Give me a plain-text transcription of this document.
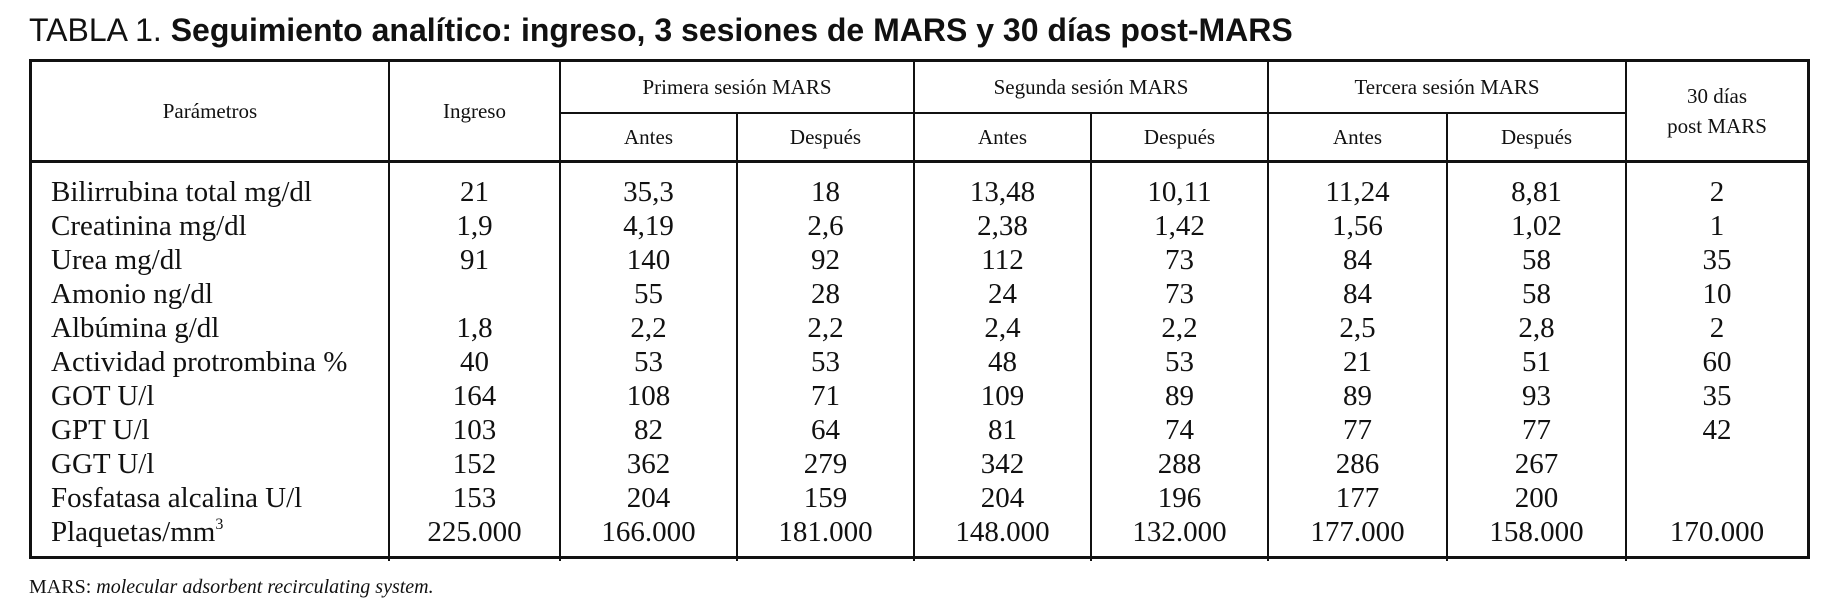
TABLA 1. Seguimiento analítico: ingreso, 3 sesiones de MARS y 30 días post-MARS
Parámetros	Ingreso	Primera sesión MARS		Segunda sesión MARS		Tercera sesión MARS		30 días
post MARS
		Antes	Después	Antes	Después	Antes	Después	
Bilirrubina total mg/dl	21	35,3	18	13,48	10,11	11,24	8,81	2
Creatinina mg/dl	1,9	4,19	2,6	2,38	1,42	1,56	1,02	1
Urea mg/dl	91	140	92	112	73	84	58	35
Amonio ng/dl		55	28	24	73	84	58	10
Albúmina g/dl	1,8	2,2	2,2	2,4	2,2	2,5	2,8	2
Actividad protrombina %	40	53	53	48	53	21	51	60
GOT U/l	164	108	71	109	89	89	93	35
GPT U/l	103	82	64	81	74	77	77	42
GGT U/l	152	362	279	342	288	286	267	
Fosfatasa alcalina U/l	153	204	159	204	196	177	200	
Plaquetas/$mm^3$	225.000	166.000	181.000	148.000	132.000	177.000	158.000	170.000
MARS: molecular adsorbent recirculating system.
